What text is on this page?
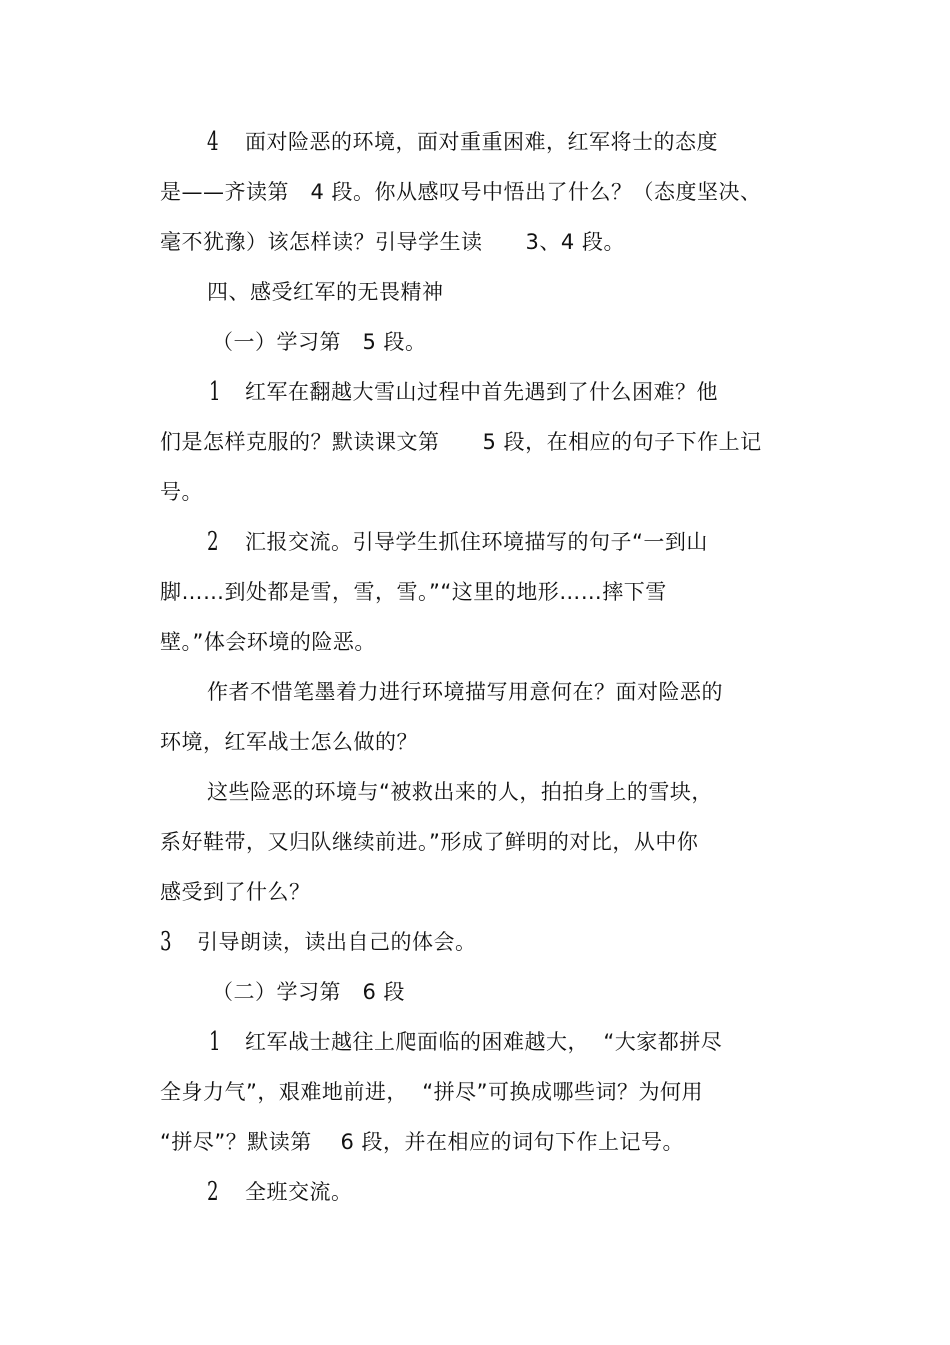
4 面对险恶的环境，面对重重困难，红军将士的态度
是——齐读第   4 段。你从感叹号中悟出了什么？（态度坚决、
毫不犹豫）该怎样读？引导学生读      3、4 段。
四、感受红军的无畏精神
（一）学习第   5 段。
1 红军在翻越大雪山过程中首先遇到了什么困难？他
们是怎样克服的？默读课文第      5 段，在相应的句子下作上记
号。
2 汇报交流。引导学生抓住环境描写的句子“一到山
脚……到处都是雪，雪，雪。”“这里的地形……摔下雪
壁。”体会环境的险恶。
作者不惜笔墨着力进行环境描写用意何在？面对险恶的
环境，红军战士怎么做的？
这些险恶的环境与“被救出来的人，拍拍身上的雪块，
系好鞋带，又归队继续前进。”形成了鲜明的对比，从中你
感受到了什么？
3 引导朗读，读出自己的体会。
（二）学习第   6 段
1 红军战士越往上爬面临的困难越大，  “大家都拼尽
全身力气”，艰难地前进，  “拼尽”可换成哪些词？为何用
“拼尽”？默读第    6 段，并在相应的词句下作上记号。
2 全班交流。
